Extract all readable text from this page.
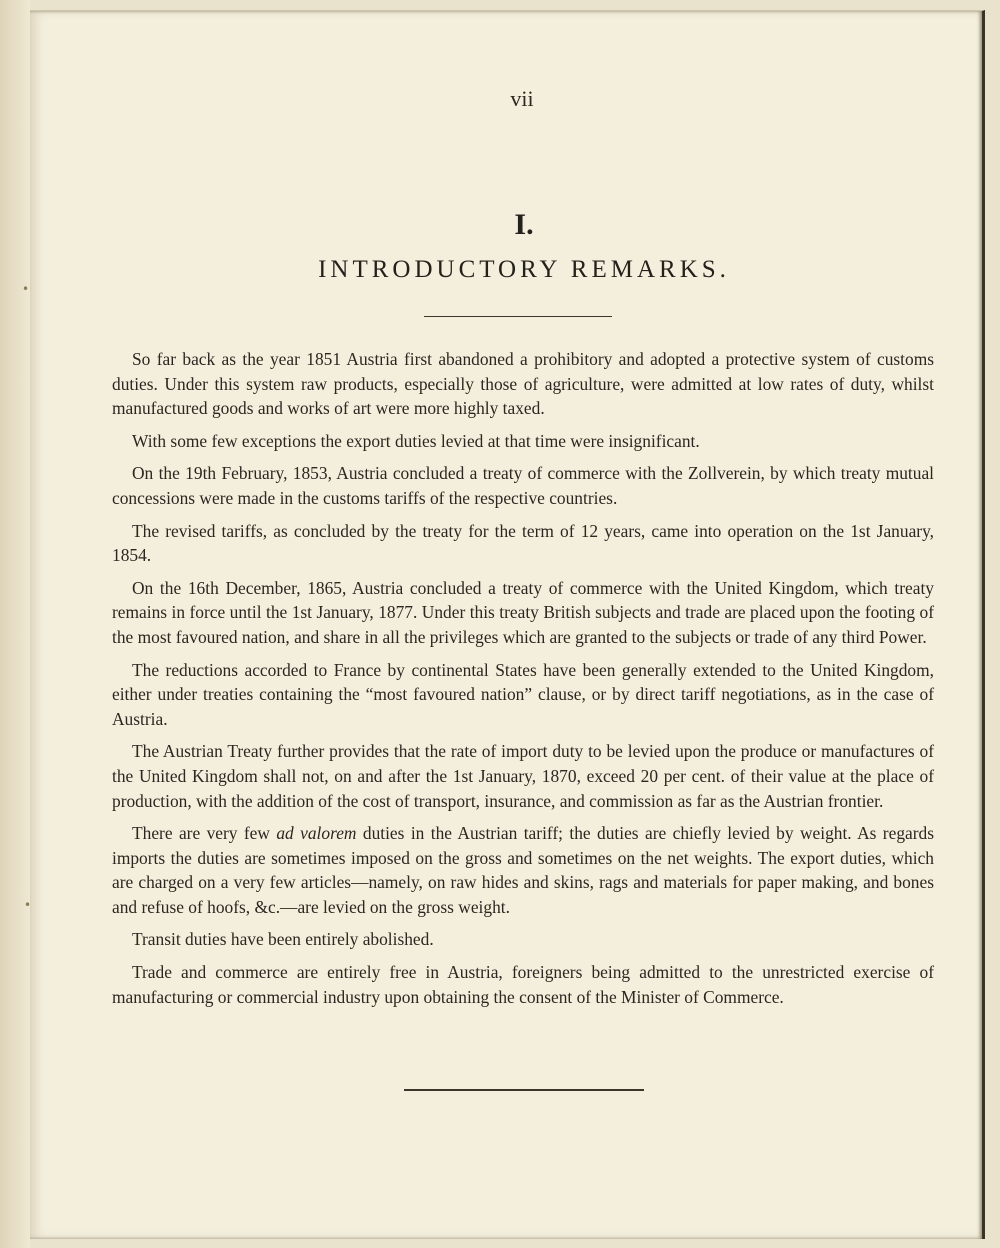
•
•
vii
I.
INTRODUCTORY REMARKS.

So far back as the year 1851 Austria first abandoned a prohibitory and adopted a protective system of customs duties. Under this system raw products, especially those of agriculture, were admitted at low rates of duty, whilst manufactured goods and works of art were more highly taxed.

With some few exceptions the export duties levied at that time were insignificant.

On the 19th February, 1853, Austria concluded a treaty of commerce with the Zollverein, by which treaty mutual concessions were made in the customs tariffs of the respective countries.

The revised tariffs, as concluded by the treaty for the term of 12 years, came into operation on the 1st January, 1854.

On the 16th December, 1865, Austria concluded a treaty of commerce with the United Kingdom, which treaty remains in force until the 1st January, 1877. Under this treaty British subjects and trade are placed upon the footing of the most favoured nation, and share in all the privileges which are granted to the subjects or trade of any third Power.

The reductions accorded to France by continental States have been generally extended to the United Kingdom, either under treaties containing the “most favoured nation” clause, or by direct tariff negotiations, as in the case of Austria.

The Austrian Treaty further provides that the rate of import duty to be levied upon the produce or manufactures of the United Kingdom shall not, on and after the 1st January, 1870, exceed 20 per cent. of their value at the place of production, with the addition of the cost of transport, insurance, and commission as far as the Austrian frontier.

There are very few ad valorem duties in the Austrian tariff; the duties are chiefly levied by weight. As regards imports the duties are sometimes imposed on the gross and sometimes on the net weights. The export duties, which are charged on a very few articles—namely, on raw hides and skins, rags and materials for paper making, and bones and refuse of hoofs, &c.—are levied on the gross weight.

Transit duties have been entirely abolished.

Trade and commerce are entirely free in Austria, foreigners being admitted to the unrestricted exercise of manufacturing or commercial industry upon obtaining the consent of the Minister of Commerce.
